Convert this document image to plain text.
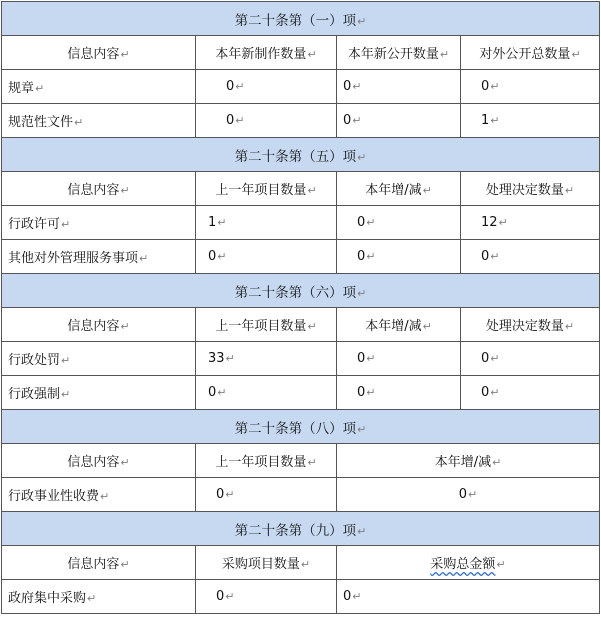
第二十条第（一）项↵			
信息内容↵	本年新制作数量↵	本年新公开数量↵	对外公开总数量↵
规章↵	0↵	0↵	0↵
规范性文件↵	0↵	0↵	1↵
第二十条第（五）项↵			
信息内容↵	上一年项目数量↵	本年增/减↵	处理决定数量↵
行政许可↵	1↵	0↵	12↵
其他对外管理服务事项↵	0↵	0↵	0↵
第二十条第（六）项↵			
信息内容↵	上一年项目数量↵	本年增/减↵	处理决定数量↵
行政处罚↵	33↵	0↵	0↵
行政强制↵	0↵	0↵	0↵
第二十条第（八）项↵			
信息内容↵	上一年项目数量↵	本年增/减↵	
行政事业性收费↵	0↵	0↵	
第二十条第（九）项↵			
信息内容↵	采购项目数量↵	采购总金额↵	
政府集中采购↵	0↵	0↵	
